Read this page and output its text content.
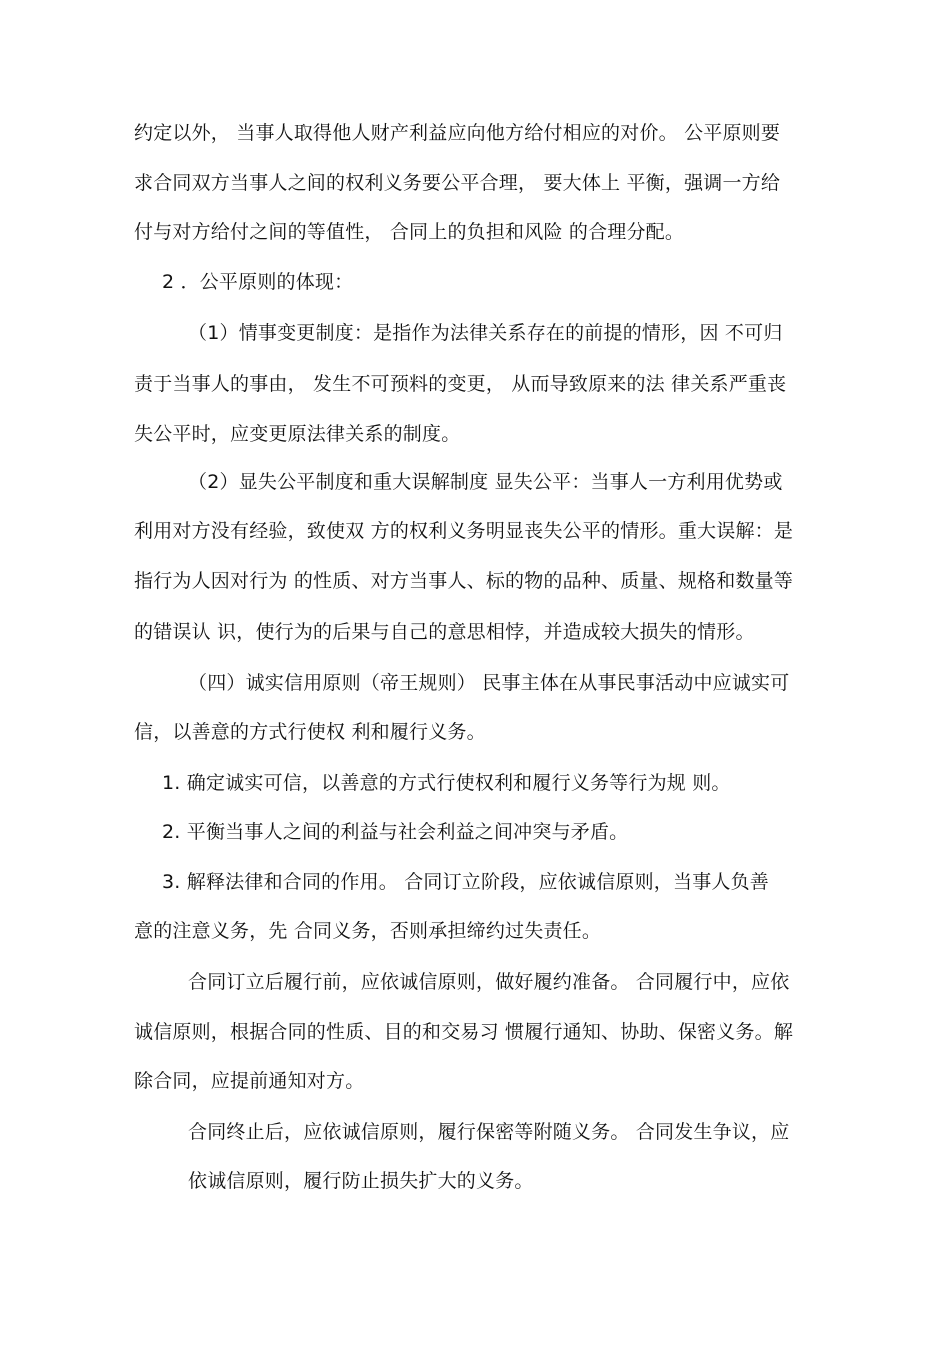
约定以外， 当事人取得他人财产利益应向他方给付相应的对价。 公平原则要
求合同双方当事人之间的权利义务要公平合理， 要大体上 平衡，强调一方给
付与对方给付之间的等值性， 合同上的负担和风险 的合理分配。
2 ．公平原则的体现：
（1）情事变更制度：是指作为法律关系存在的前提的情形，因 不可归
责于当事人的事由， 发生不可预料的变更， 从而导致原来的法 律关系严重丧
失公平时，应变更原法律关系的制度。
（2）显失公平制度和重大误解制度 显失公平：当事人一方利用优势或
利用对方没有经验，致使双 方的权利义务明显丧失公平的情形。重大误解：是
指行为人因对行为 的性质、对方当事人、标的物的品种、质量、规格和数量等
的错误认 识，使行为的后果与自己的意思相悖，并造成较大损失的情形。
（四）诚实信用原则（帝王规则） 民事主体在从事民事活动中应诚实可
信，以善意的方式行使权 利和履行义务。
1. 确定诚实可信，以善意的方式行使权利和履行义务等行为规 则。
2. 平衡当事人之间的利益与社会利益之间冲突与矛盾。
3. 解释法律和合同的作用。 合同订立阶段，应依诚信原则，当事人负善
意的注意义务，先 合同义务，否则承担缔约过失责任。
合同订立后履行前，应依诚信原则，做好履约准备。 合同履行中，应依
诚信原则，根据合同的性质、目的和交易习 惯履行通知、协助、保密义务。解
除合同，应提前通知对方。
合同终止后，应依诚信原则，履行保密等附随义务。 合同发生争议，应
依诚信原则，履行防止损失扩大的义务。
